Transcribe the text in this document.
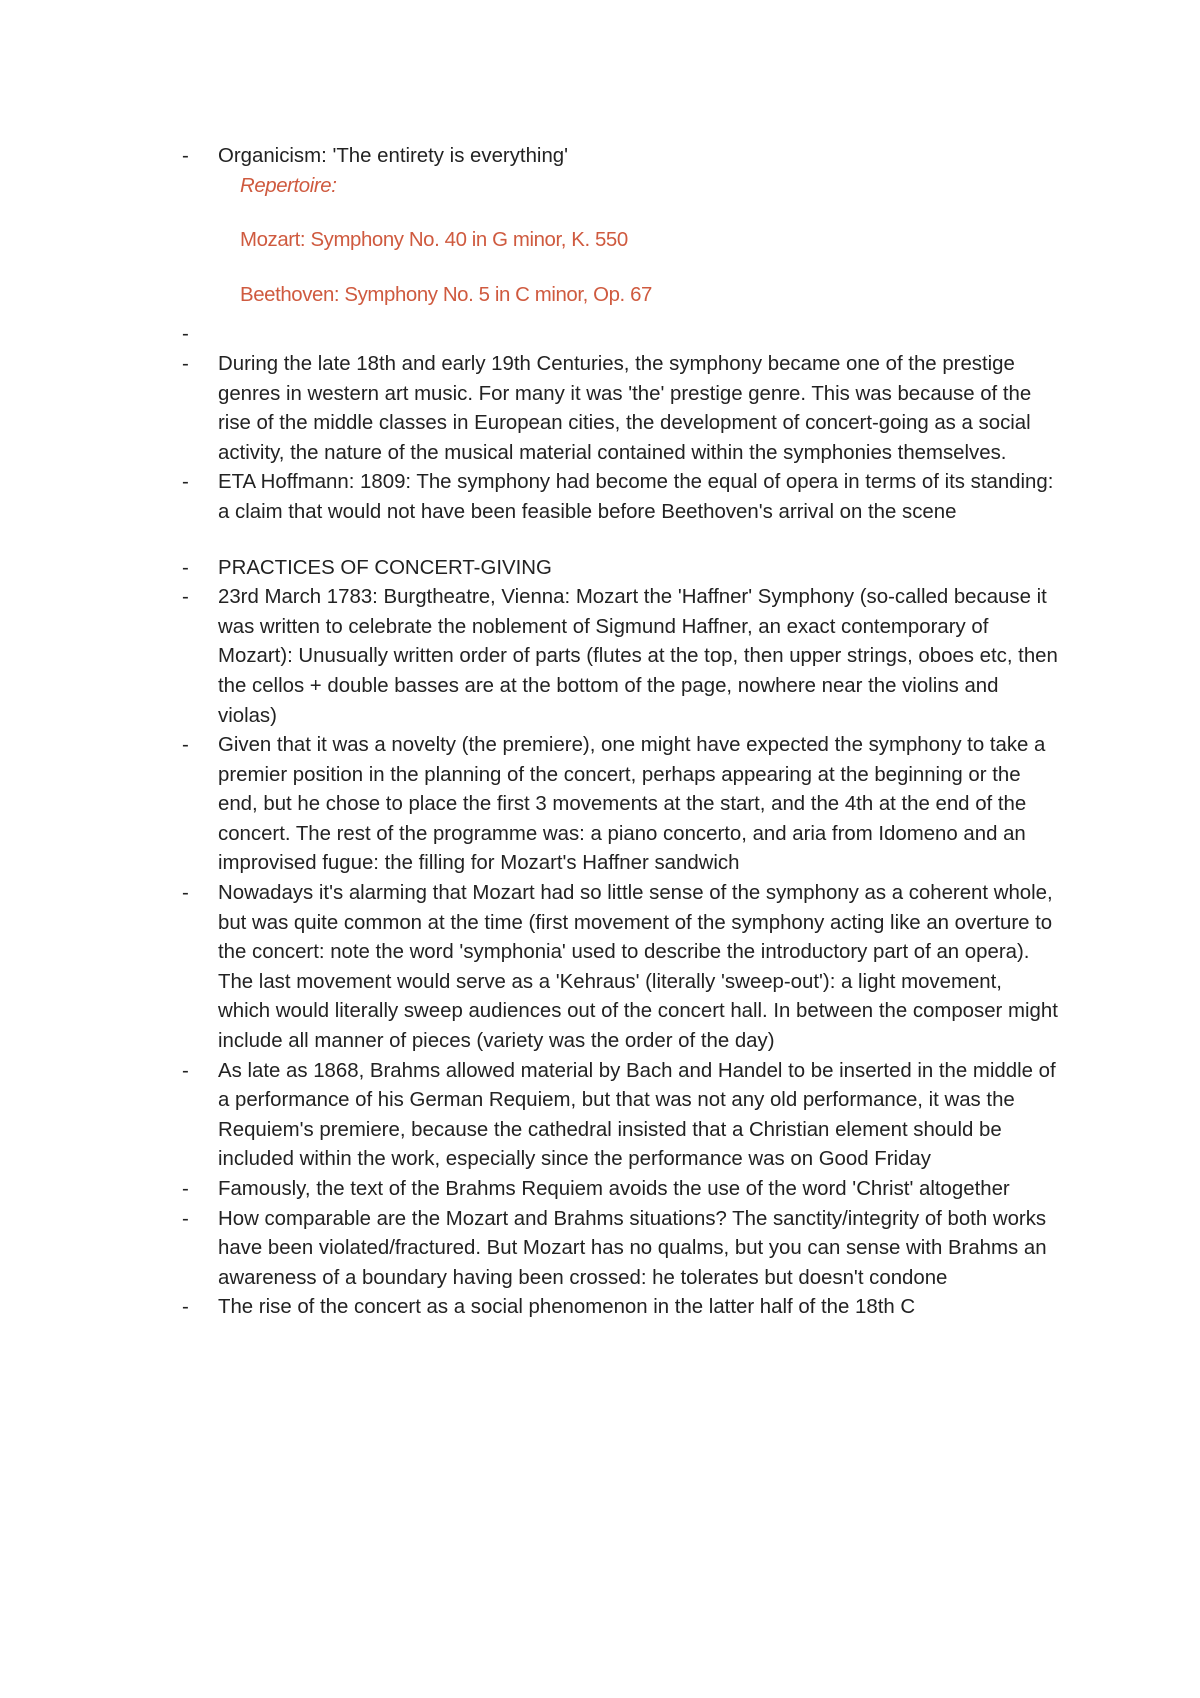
- Organicism: 'The entirety is everything'
Repertoire:
Mozart: Symphony No. 40 in G minor, K. 550
Beethoven: Symphony No. 5 in C minor, Op. 67
-

- During the late 18th and early 19th Centuries, the symphony became one of the prestige genres in western art music. For many it was 'the' prestige genre. This was because of the rise of the middle classes in European cities, the development of concert-going as a social activity, the nature of the musical material contained within the symphonies themselves.
- ETA Hoffmann: 1809: The symphony had become the equal of opera in terms of its standing: a claim that would not have been feasible before Beethoven's arrival on the scene
- PRACTICES OF CONCERT-GIVING
- 23rd March 1783: Burgtheatre, Vienna: Mozart the 'Haffner' Symphony (so-called because it was written to celebrate the noblement of Sigmund Haffner, an exact contemporary of Mozart): Unusually written order of parts (flutes at the top, then upper strings, oboes etc, then the cellos + double basses are at the bottom of the page, nowhere near the violins and violas)
- Given that it was a novelty (the premiere), one might have expected the symphony to take a premier position in the planning of the concert, perhaps appearing at the beginning or the end, but he chose to place the first 3 movements at the start, and the 4th at the end of the concert. The rest of the programme was: a piano concerto, and aria from Idomeno and an improvised fugue: the filling for Mozart's Haffner sandwich
- Nowadays it's alarming that Mozart had so little sense of the symphony as a coherent whole, but was quite common at the time (first movement of the symphony acting like an overture to the concert: note the word 'symphonia' used to describe the introductory part of an opera). The last movement would serve as a 'Kehraus' (literally 'sweep-out'): a light movement, which would literally sweep audiences out of the concert hall. In between the composer might include all manner of pieces (variety was the order of the day)
- As late as 1868, Brahms allowed material by Bach and Handel to be inserted in the middle of a performance of his German Requiem, but that was not any old performance, it was the Requiem's premiere, because the cathedral insisted that a Christian element should be included within the work, especially since the performance was on Good Friday
- Famously, the text of the Brahms Requiem avoids the use of the word 'Christ' altogether
- How comparable are the Mozart and Brahms situations? The sanctity/integrity of both works have been violated/fractured. But Mozart has no qualms, but you can sense with Brahms an awareness of a boundary having been crossed: he tolerates but doesn't condone
- The rise of the concert as a social phenomenon in the latter half of the 18th C
